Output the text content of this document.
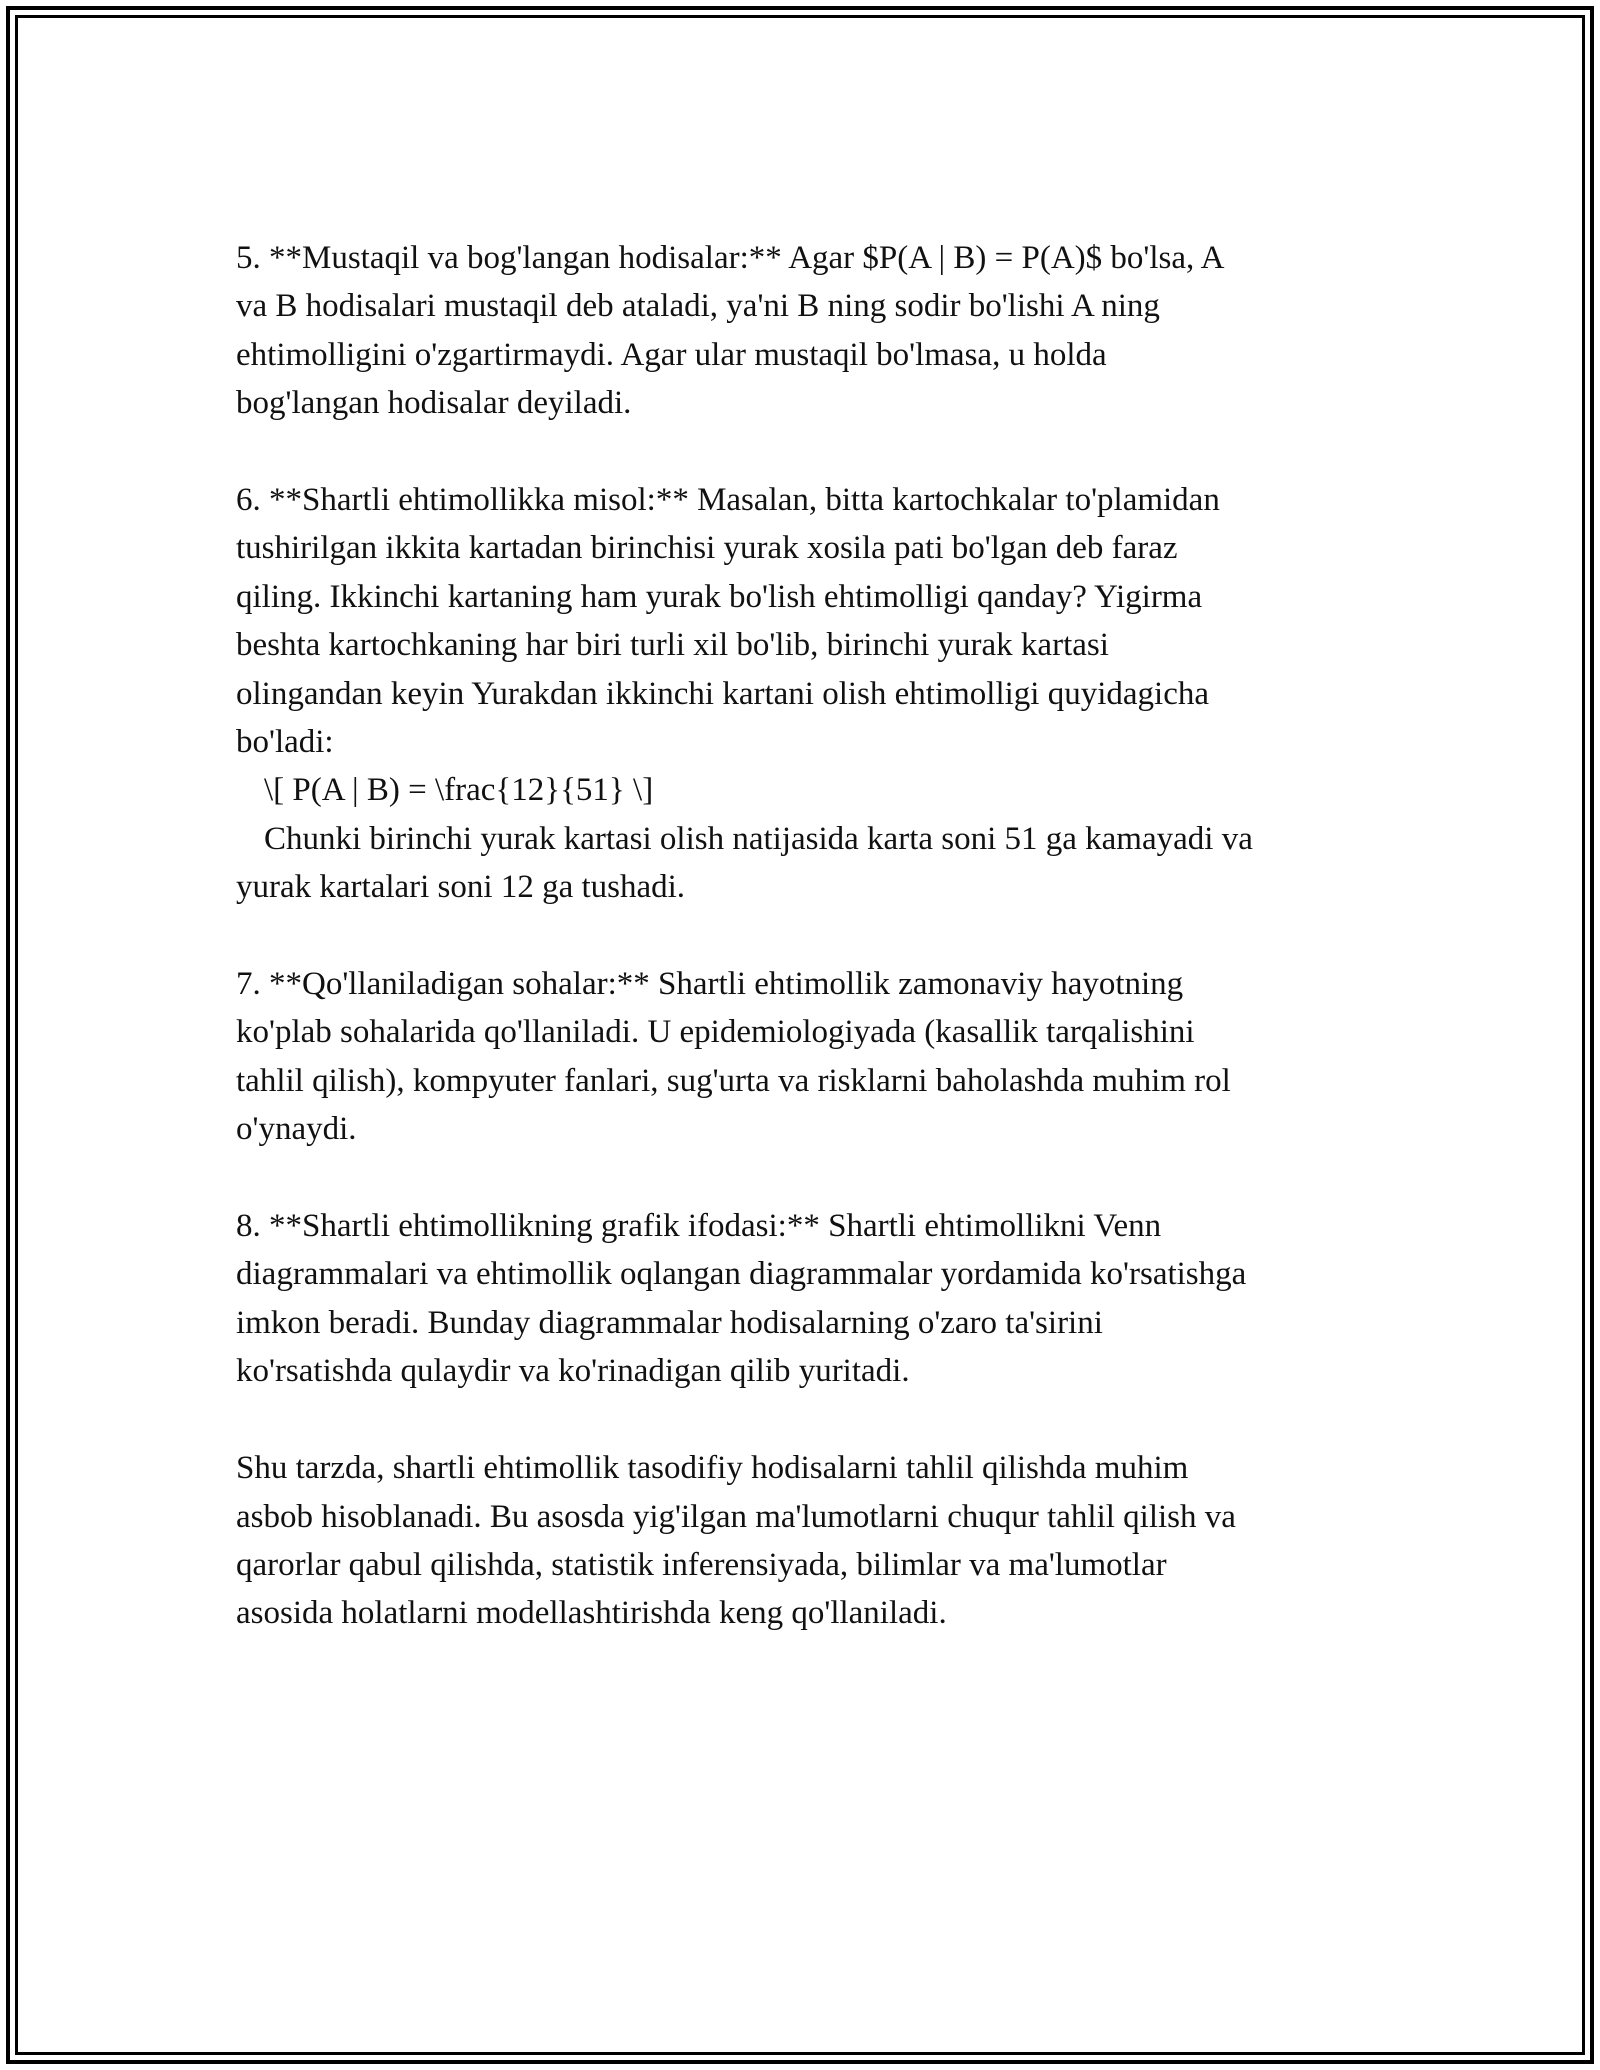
5. **Mustaqil va bog'langan hodisalar:** Agar $P(A | B) = P(A)$ bo'lsa, A
va B hodisalari mustaqil deb ataladi, ya'ni B ning sodir bo'lishi A ning
ehtimolligini o'zgartirmaydi. Agar ular mustaqil bo'lmasa, u holda
bog'langan hodisalar deyiladi.

6. **Shartli ehtimollikka misol:** Masalan, bitta kartochkalar to'plamidan
tushirilgan ikkita kartadan birinchisi yurak xosila pati bo'lgan deb faraz
qiling. Ikkinchi kartaning ham yurak bo'lish ehtimolligi qanday? Yigirma
beshta kartochkaning har biri turli xil bo'lib, birinchi yurak kartasi
olingandan keyin Yurakdan ikkinchi kartani olish ehtimolligi quyidagicha
bo'ladi:
\[ P(A | B) = \frac{12}{51} \]
Chunki birinchi yurak kartasi olish natijasida karta soni 51 ga kamayadi va
yurak kartalari soni 12 ga tushadi.

7. **Qo'llaniladigan sohalar:** Shartli ehtimollik zamonaviy hayotning
ko'plab sohalarida qo'llaniladi. U epidemiologiyada (kasallik tarqalishini
tahlil qilish), kompyuter fanlari, sug'urta va risklarni baholashda muhim rol
o'ynaydi.

8. **Shartli ehtimollikning grafik ifodasi:** Shartli ehtimollikni Venn
diagrammalari va ehtimollik oqlangan diagrammalar yordamida ko'rsatishga
imkon beradi. Bunday diagrammalar hodisalarning o'zaro ta'sirini
ko'rsatishda qulaydir va ko'rinadigan qilib yuritadi.

Shu tarzda, shartli ehtimollik tasodifiy hodisalarni tahlil qilishda muhim
asbob hisoblanadi. Bu asosda yig'ilgan ma'lumotlarni chuqur tahlil qilish va
qarorlar qabul qilishda, statistik inferensiyada, bilimlar va ma'lumotlar
asosida holatlarni modellashtirishda keng qo'llaniladi.
